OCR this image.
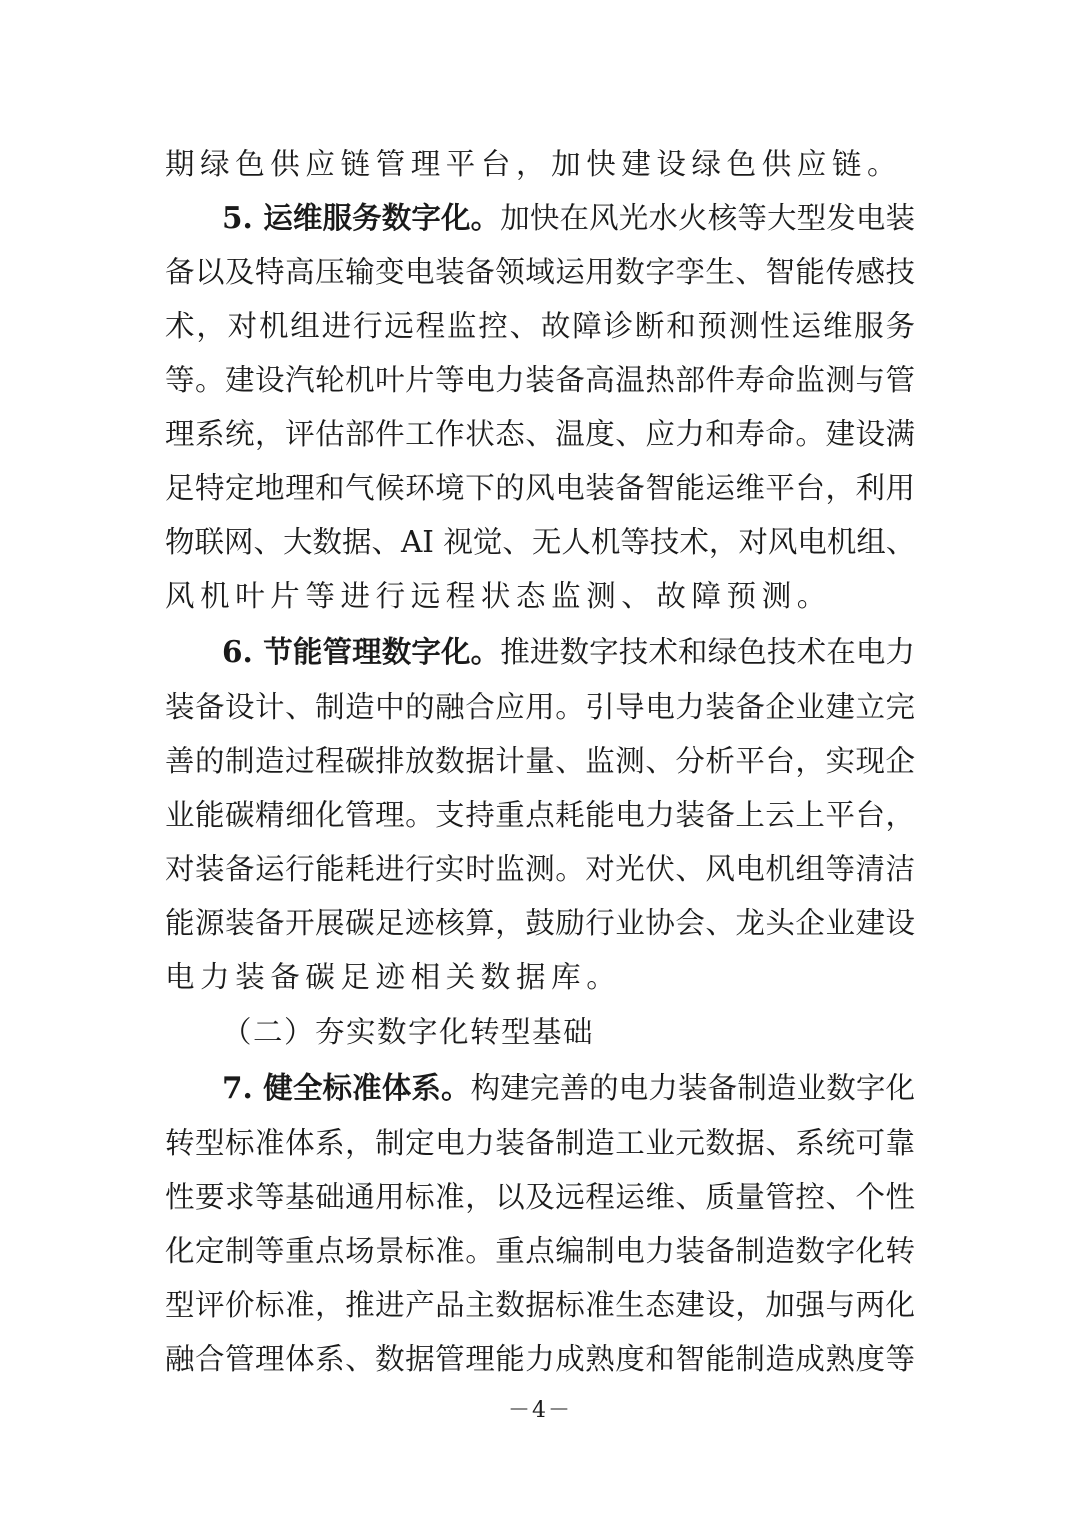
期绿色供应链管理平台，加快建设绿色供应链。
5. 运维服务数字化。加快在风光水火核等大型发电装
备以及特高压输变电装备领域运用数字孪生、智能传感技
术，对机组进行远程监控、故障诊断和预测性运维服务
等。建设汽轮机叶片等电力装备高温热部件寿命监测与管
理系统，评估部件工作状态、温度、应力和寿命。建设满
足特定地理和气候环境下的风电装备智能运维平台，利用
物联网、大数据、AI 视觉、无人机等技术，对风电机组、
风机叶片等进行远程状态监测、故障预测。
6. 节能管理数字化。推进数字技术和绿色技术在电力
装备设计、制造中的融合应用。引导电力装备企业建立完
善的制造过程碳排放数据计量、监测、分析平台，实现企
业能碳精细化管理。支持重点耗能电力装备上云上平台，
对装备运行能耗进行实时监测。对光伏、风电机组等清洁
能源装备开展碳足迹核算，鼓励行业协会、龙头企业建设
电力装备碳足迹相关数据库。
（二）夯实数字化转型基础
7. 健全标准体系。构建完善的电力装备制造业数字化
转型标准体系，制定电力装备制造工业元数据、系统可靠
性要求等基础通用标准，以及远程运维、质量管控、个性
化定制等重点场景标准。重点编制电力装备制造数字化转
型评价标准，推进产品主数据标准生态建设，加强与两化
融合管理体系、数据管理能力成熟度和智能制造成熟度等
－4－
